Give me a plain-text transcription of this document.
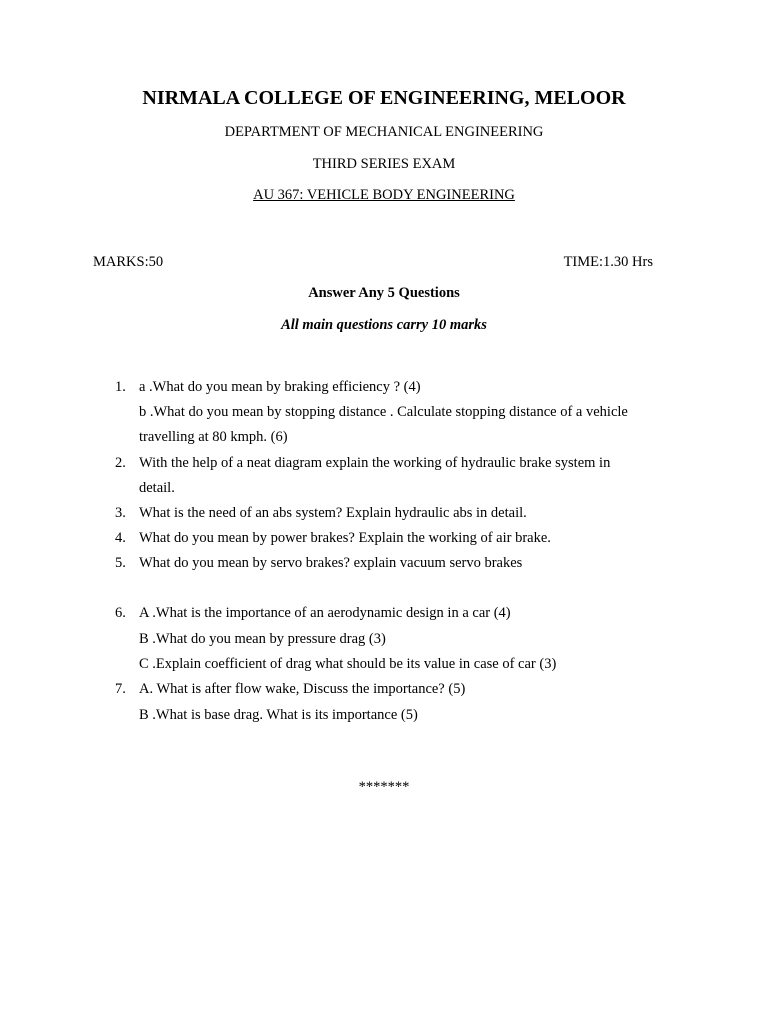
NIRMALA COLLEGE OF ENGINEERING, MELOOR
DEPARTMENT OF MECHANICAL ENGINEERING
THIRD SERIES EXAM
AU 367: VEHICLE BODY ENGINEERING
MARKS:50	TIME:1.30 Hrs
Answer Any 5 Questions
All main questions carry 10 marks
1. a .What do you mean by braking efficiency ? (4)
b .What do you mean by stopping distance . Calculate stopping distance of a vehicle
travelling at 80 kmph. (6)
2. With the help of a neat diagram explain the working of hydraulic brake system in
detail.
3. What is the need of an abs system? Explain hydraulic abs in detail.
4. What do you mean by power brakes? Explain the working of air brake.
5. What do you mean by servo brakes? explain vacuum servo brakes
6. A .What is the importance of an aerodynamic design in a car (4)
B .What do you mean by pressure drag (3)
C .Explain coefficient of drag what should be its value in case of car (3)
7. A. What is after flow wake, Discuss the importance? (5)
B .What is base drag. What is its importance (5)
*******
